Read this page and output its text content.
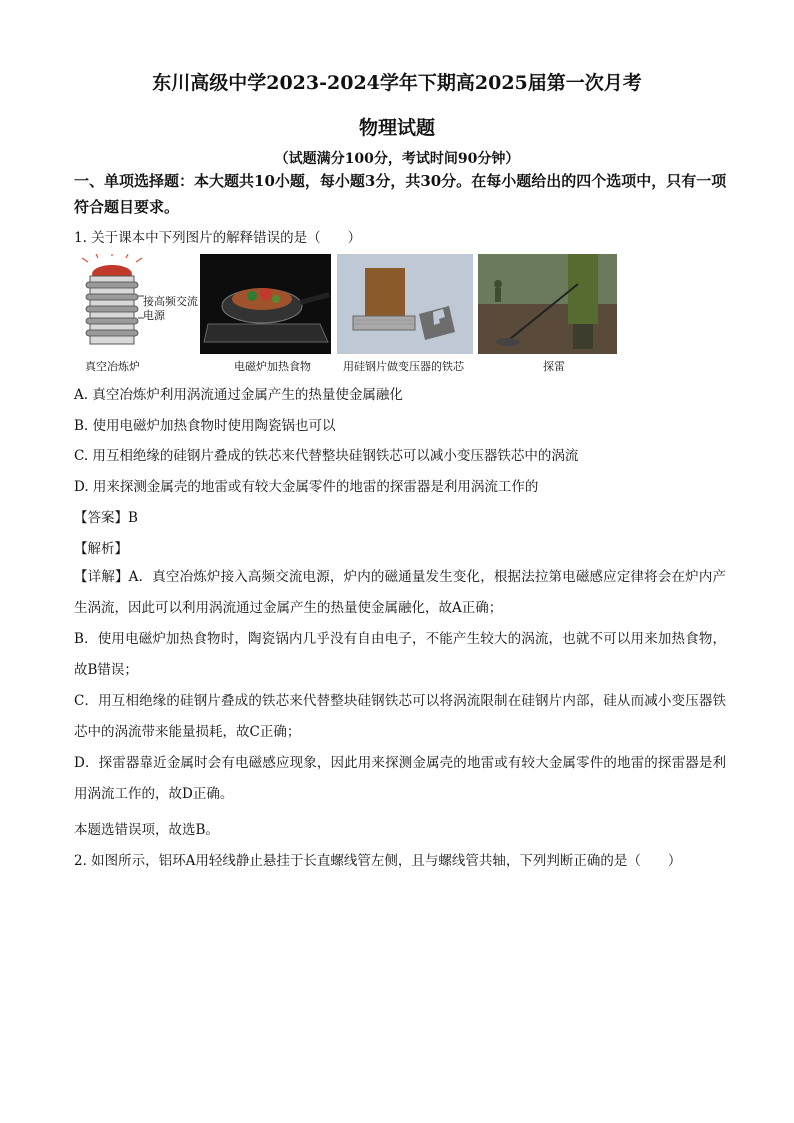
东川高级中学2023-2024学年下期高2025届第一次月考
物理试题
（试题满分100分，考试时间90分钟）
一、单项选择题：本大题共10小题，每小题3分，共30分。在每小题给出的四个选项中，只有一项符合题目要求。
1. 关于课本中下列图片的解释错误的是（　　）
接高频交流电源
真空冶炼炉	电磁炉加热食物	用硅钢片做变压器的铁芯	探雷
A. 真空冶炼炉利用涡流通过金属产生的热量使金属融化
B. 使用电磁炉加热食物时使用陶瓷锅也可以
C. 用互相绝缘的硅钢片叠成的铁芯来代替整块硅钢铁芯可以减小变压器铁芯中的涡流
D. 用来探测金属壳的地雷或有较大金属零件的地雷的探雷器是利用涡流工作的
【答案】B
【解析】
【详解】A．真空冶炼炉接入高频交流电源，炉内的磁通量发生变化，根据法拉第电磁感应定律将会在炉内产生涡流，因此可以利用涡流通过金属产生的热量使金属融化，故A正确；
B．使用电磁炉加热食物时，陶瓷锅内几乎没有自由电子，不能产生较大的涡流，也就不可以用来加热食物，故B错误；
C．用互相绝缘的硅钢片叠成的铁芯来代替整块硅钢铁芯可以将涡流限制在硅钢片内部，硅从而减小变压器铁芯中的涡流带来能量损耗，故C正确；
D．探雷器靠近金属时会有电磁感应现象，因此用来探测金属壳的地雷或有较大金属零件的地雷的探雷器是利用涡流工作的，故D正确。
本题选错误项，故选B。
2. 如图所示，铝环A用轻线静止悬挂于长直螺线管左侧，且与螺线管共轴，下列判断正确的是（　　）
